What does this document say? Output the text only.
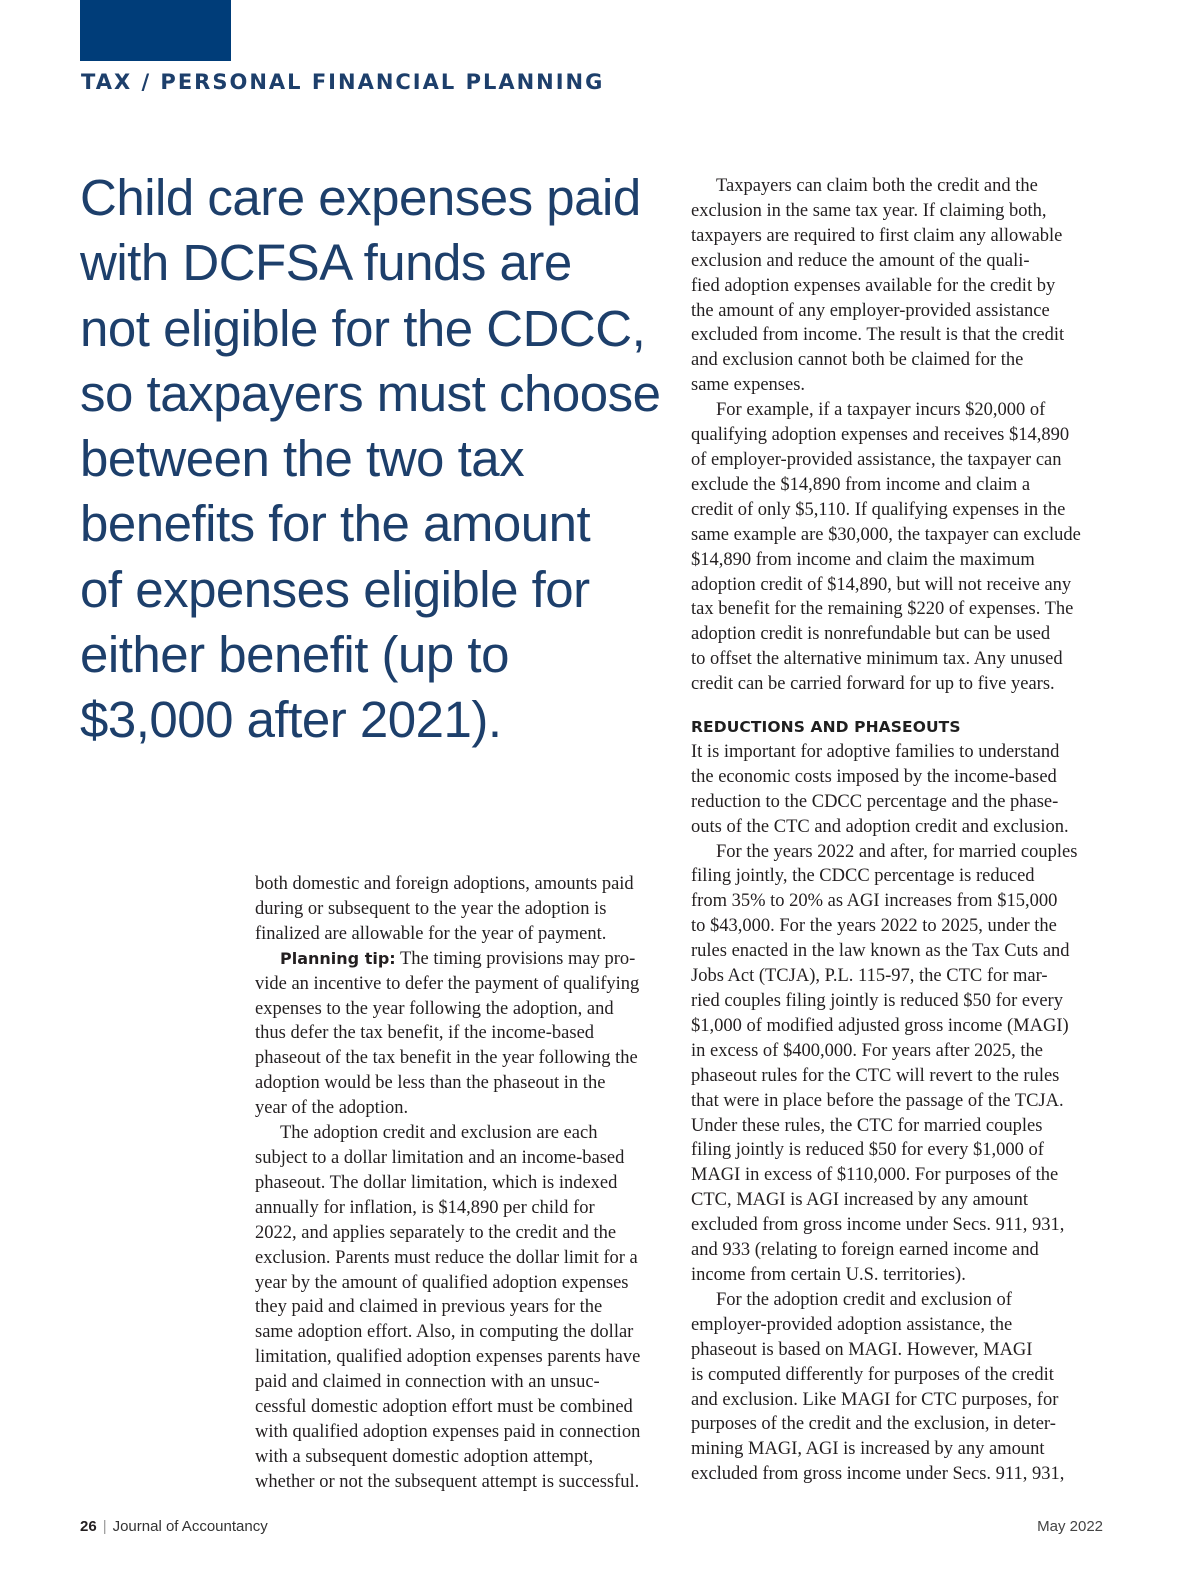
TAX / PERSONAL FINANCIAL PLANNING
Child care expenses paid
with DCFSA funds are
not eligible for the CDCC,
so taxpayers must choose
between the two tax
benefits for the amount
of expenses eligible for
either benefit (up to
$3,000 after 2021).
both domestic and foreign adoptions, amounts paid
during or subsequent to the year the adoption is
finalized are allowable for the year of payment.
Planning tip: The timing provisions may pro-
vide an incentive to defer the payment of qualifying
expenses to the year following the adoption, and
thus defer the tax benefit, if the income-based
phaseout of the tax benefit in the year following the
adoption would be less than the phaseout in the
year of the adoption.
The adoption credit and exclusion are each
subject to a dollar limitation and an income-based
phaseout. The dollar limitation, which is indexed
annually for inflation, is $14,890 per child for
2022, and applies separately to the credit and the
exclusion. Parents must reduce the dollar limit for a
year by the amount of qualified adoption expenses
they paid and claimed in previous years for the
same adoption effort. Also, in computing the dollar
limitation, qualified adoption expenses parents have
paid and claimed in connection with an unsuc-
cessful domestic adoption effort must be combined
with qualified adoption expenses paid in connection
with a subsequent domestic adoption attempt,
whether or not the subsequent attempt is successful.
Taxpayers can claim both the credit and the
exclusion in the same tax year. If claiming both,
taxpayers are required to first claim any allowable
exclusion and reduce the amount of the quali-
fied adoption expenses available for the credit by
the amount of any employer-provided assistance
excluded from income. The result is that the credit
and exclusion cannot both be claimed for the
same expenses.
For example, if a taxpayer incurs $20,000 of
qualifying adoption expenses and receives $14,890
of employer-provided assistance, the taxpayer can
exclude the $14,890 from income and claim a
credit of only $5,110. If qualifying expenses in the
same example are $30,000, the taxpayer can exclude
$14,890 from income and claim the maximum
adoption credit of $14,890, but will not receive any
tax benefit for the remaining $220 of expenses. The
adoption credit is nonrefundable but can be used
to offset the alternative minimum tax. Any unused
credit can be carried forward for up to five years.
REDUCTIONS AND PHASEOUTS
It is important for adoptive families to understand
the economic costs imposed by the income-based
reduction to the CDCC percentage and the phase-
outs of the CTC and adoption credit and exclusion.
For the years 2022 and after, for married couples
filing jointly, the CDCC percentage is reduced
from 35% to 20% as AGI increases from $15,000
to $43,000. For the years 2022 to 2025, under the
rules enacted in the law known as the Tax Cuts and
Jobs Act (TCJA), P.L. 115-97, the CTC for mar-
ried couples filing jointly is reduced $50 for every
$1,000 of modified adjusted gross income (MAGI)
in excess of $400,000. For years after 2025, the
phaseout rules for the CTC will revert to the rules
that were in place before the passage of the TCJA.
Under these rules, the CTC for married couples
filing jointly is reduced $50 for every $1,000 of
MAGI in excess of $110,000. For purposes of the
CTC, MAGI is AGI increased by any amount
excluded from gross income under Secs. 911, 931,
and 933 (relating to foreign earned income and
income from certain U.S. territories).
For the adoption credit and exclusion of
employer-provided adoption assistance, the
phaseout is based on MAGI. However, MAGI
is computed differently for purposes of the credit
and exclusion. Like MAGI for CTC purposes, for
purposes of the credit and the exclusion, in deter-
mining MAGI, AGI is increased by any amount
excluded from gross income under Secs. 911, 931,
26 | Journal of Accountancy	May 2022
